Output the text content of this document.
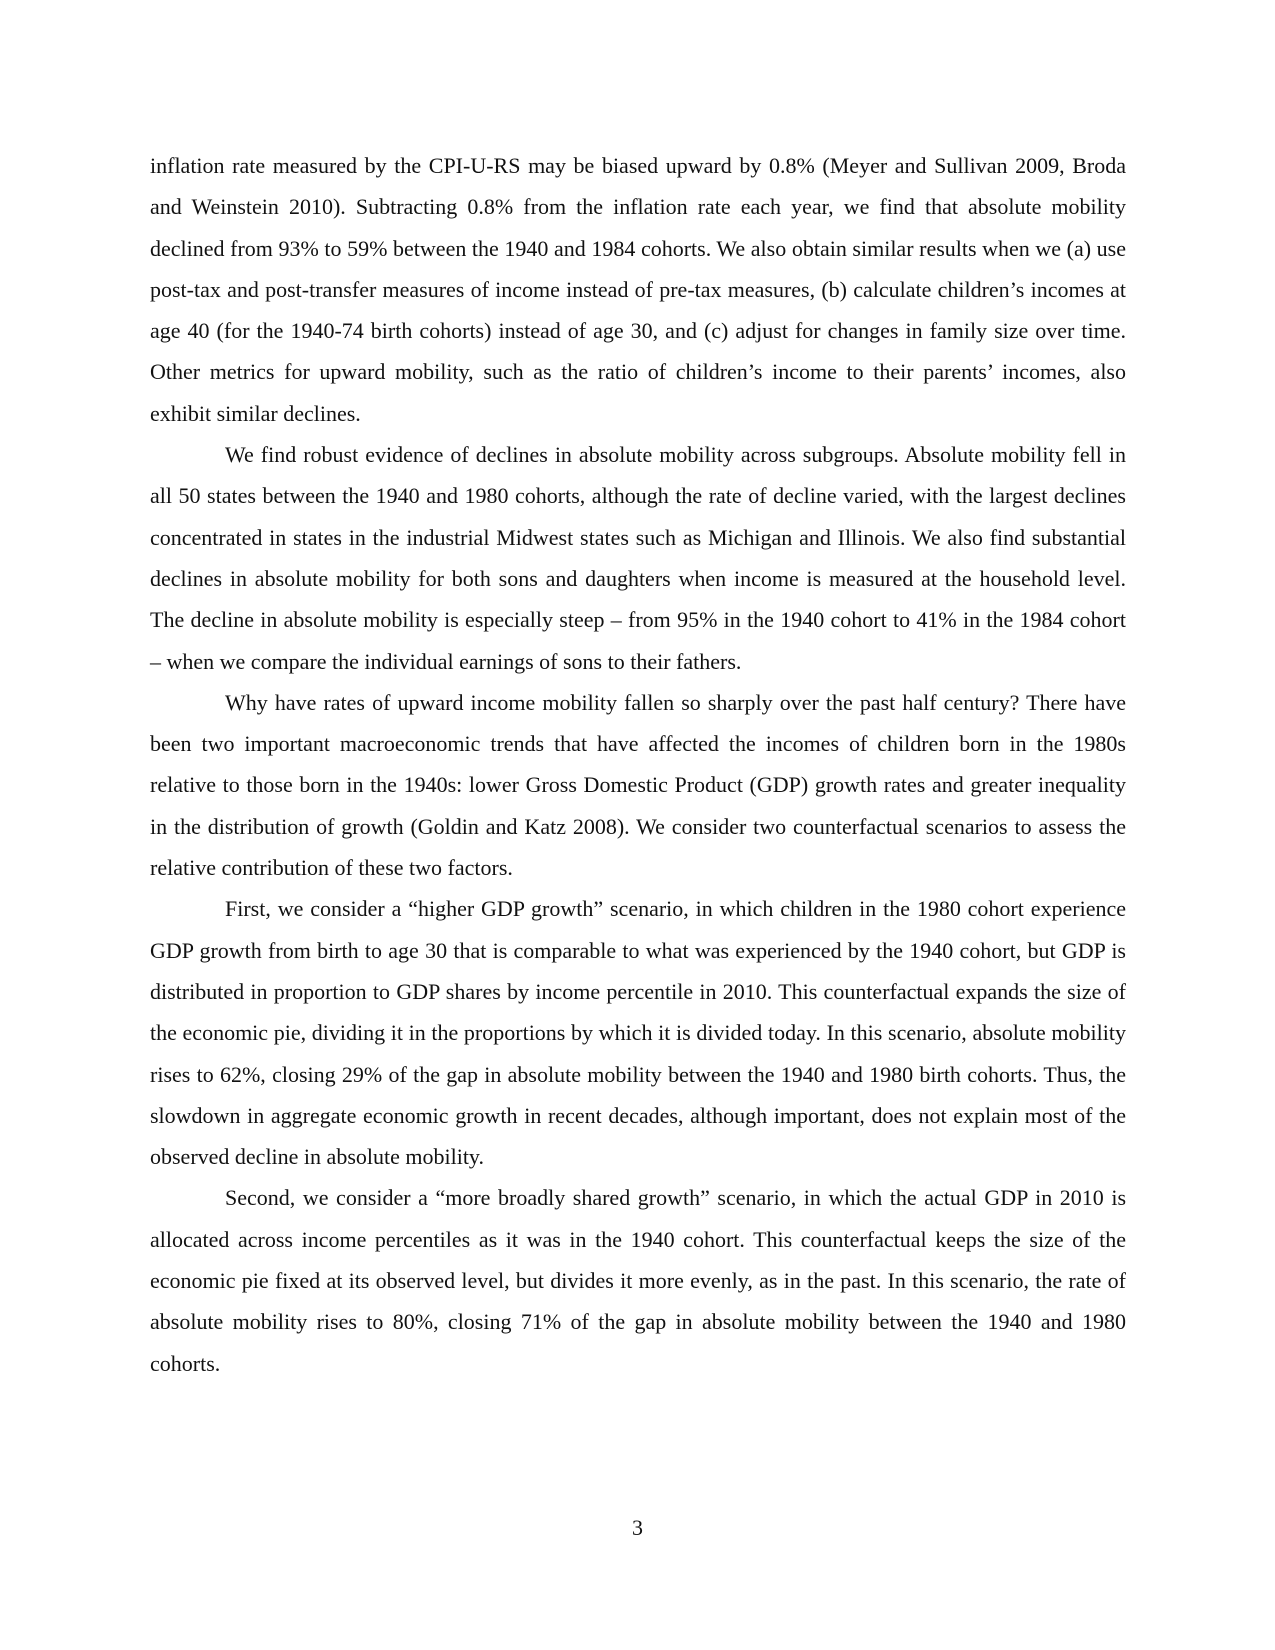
inflation rate measured by the CPI-U-RS may be biased upward by 0.8% (Meyer and Sullivan 2009, Broda and Weinstein 2010). Subtracting 0.8% from the inflation rate each year, we find that absolute mobility declined from 93% to 59% between the 1940 and 1984 cohorts. We also obtain similar results when we (a) use post-tax and post-transfer measures of income instead of pre-tax measures, (b) calculate children’s incomes at age 40 (for the 1940-74 birth cohorts) instead of age 30, and (c) adjust for changes in family size over time. Other metrics for upward mobility, such as the ratio of children’s income to their parents’ incomes, also exhibit similar declines.

We find robust evidence of declines in absolute mobility across subgroups. Absolute mobility fell in all 50 states between the 1940 and 1980 cohorts, although the rate of decline varied, with the largest declines concentrated in states in the industrial Midwest states such as Michigan and Illinois. We also find substantial declines in absolute mobility for both sons and daughters when income is measured at the household level. The decline in absolute mobility is especially steep – from 95% in the 1940 cohort to 41% in the 1984 cohort – when we compare the individual earnings of sons to their fathers.

Why have rates of upward income mobility fallen so sharply over the past half century? There have been two important macroeconomic trends that have affected the incomes of children born in the 1980s relative to those born in the 1940s: lower Gross Domestic Product (GDP) growth rates and greater inequality in the distribution of growth (Goldin and Katz 2008). We consider two counterfactual scenarios to assess the relative contribution of these two factors.

First, we consider a “higher GDP growth” scenario, in which children in the 1980 cohort experience GDP growth from birth to age 30 that is comparable to what was experienced by the 1940 cohort, but GDP is distributed in proportion to GDP shares by income percentile in 2010. This counterfactual expands the size of the economic pie, dividing it in the proportions by which it is divided today. In this scenario, absolute mobility rises to 62%, closing 29% of the gap in absolute mobility between the 1940 and 1980 birth cohorts. Thus, the slowdown in aggregate economic growth in recent decades, although important, does not explain most of the observed decline in absolute mobility.

Second, we consider a “more broadly shared growth” scenario, in which the actual GDP in 2010 is allocated across income percentiles as it was in the 1940 cohort. This counterfactual keeps the size of the economic pie fixed at its observed level, but divides it more evenly, as in the past. In this scenario, the rate of absolute mobility rises to 80%, closing 71% of the gap in absolute mobility between the 1940 and 1980 cohorts.

3
